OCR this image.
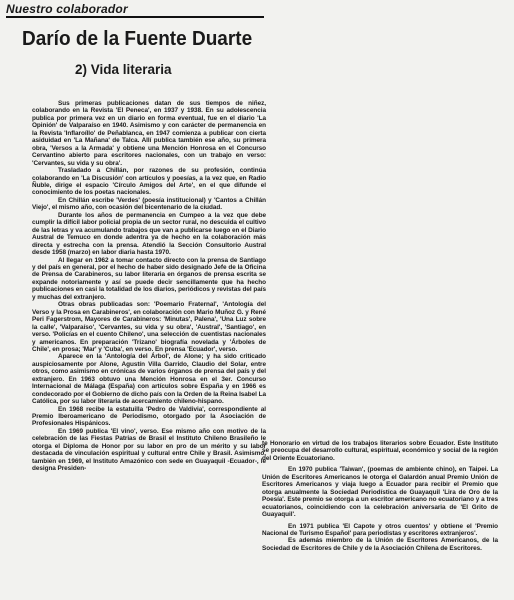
Nuestro colaborador
Darío de la Fuente Duarte
2) Vida literaria

Sus primeras publicaciones datan de sus tiempos de niñez, colaborando en la Revista 'El Peneca', en 1937 y 1938. En su adolescencia publica por primera vez en un diario en forma eventual, fue en el diario 'La Opinión' de Valparaíso en 1940. Asimismo y con carácter de permanencia en la Revista 'Inflaroíllo' de Peñablanca, en 1947 comienza a publicar con cierta asiduidad en 'La Mañana' de Talca. Allí publica también ese año, su primera obra, 'Versos a la Armada' y obtiene una Mención Honrosa en el Concurso Cervantino abierto para escritores nacionales, con un trabajo en verso: 'Cervantes, su vida y su obra'.

Trasladado a Chillán, por razones de su profesión, continúa colaborando en 'La Discusión' con artículos y poesías, a la vez que, en Radio Ñuble, dirige el espacio 'Círculo Amigos del Arte', en el que difunde el conocimiento de los poetas nacionales.

En Chillán escribe 'Verdes' (poesía institucional) y 'Cantos a Chillán Viejo', el mismo año, con ocasión del bicentenario de la ciudad.

Durante los años de permanencia en Cumpeo a la vez que debe cumplir la difícil labor policial propia de un sector rural, no descuida el cultivo de las letras y va acumulando trabajos que van a publicarse luego en el Diario Austral de Temuco en donde adentra ya de hecho en la colaboración más directa y estrecha con la prensa. Atendió la Sección Consultorio Austral desde 1958 (marzo) en labor diaria hasta 1970.

Al llegar en 1962 a tomar contacto directo con la prensa de Santiago y del país en general, por el hecho de haber sido designado Jefe de la Oficina de Prensa de Carabineros, su labor literaria en órganos de prensa escrita se expande notoriamente y así se puede decir sencillamente que ha hecho publicaciones en casi la totalidad de los diarios, periódicos y revistas del país y muchas del extranjero.

Otras obras publicadas son: 'Poemario Fraternal', 'Antología del Verso y la Prosa en Carabineros', en colaboración con Mario Muñoz G. y René Peri Fagerstrom, Mayores de Carabineros: 'Minutas', Palena', 'Una Luz sobre la calle', 'Valparaíso', 'Cervantes, su vida y su obra', 'Austral', 'Santiago', en verso. 'Policías en el cuento Chileno', una selección de cuentistas nacionales y americanos. En preparación 'Trizano' biografía novelada y 'Árboles de Chile', en prosa; 'Mar' y 'Cuba', en verso. En prensa 'Ecuador', verso.

Aparece en la 'Antología del Árbol', de Alone; y ha sido criticado auspiciosamente por Alone, Agustín Villa Garrido, Claudio del Solar, entre otros, como asimismo en crónicas de varios órganos de prensa del país y del extranjero. En 1963 obtuvo una Mención Honrosa en el 3er. Concurso Internacional de Málaga (España) con artículos sobre España y en 1966 es condecorado por el Gobierno de dicho país con la Orden de la Reina Isabel La Católica, por su labor literaria de acercamiento chileno-hispano.

En 1968 recibe la estatuilla 'Pedro de Valdivia', correspondiente al Premio Iberoamericano de Periodismo, otorgado por la Asociación de Profesionales Hispánicos.

En 1969 publica 'El vino', verso. Ese mismo año con motivo de la celebración de las Fiestas Patrias de Brasil el Instituto Chileno Brasileño le otorga el Diploma de Honor por su labor en pro de un mérito y su labor destacada de vinculación espiritual y cultural entre Chile y Brasil. Asimismo, también en 1969, el Instituto Amazónico con sede en Guayaquil -Ecuador-, le designa Presiden-

te Honorario en virtud de los trabajos literarios sobre Ecuador. Este Instituto se preocupa del desarrollo cultural, espiritual, económico y social de la región del Oriente Ecuatoriano.

En 1970 publica 'Taiwan', (poemas de ambiente chino), en Taipei. La Unión de Escritores Americanos le otorga el Galardón anual Premio Unión de Escritores Americanos y viaja luego a Ecuador para recibir el Premio que otorga anualmente la Sociedad Periodística de Guayaquil 'Lira de Oro de la Poesía'. Este premio se otorga a un escritor americano no ecuatoriano y a tres ecuatorianos, coincidiendo con la celebración aniversaria de 'El Grito de Guayaquil'.

En 1971 publica 'El Capote y otros cuentos' y obtiene el 'Premio Nacional de Turismo Español' para periodistas y escritores extranjeros'.

Es además miembro de la Unión de Escritores Americanos, de la Sociedad de Escritores de Chile y de la Asociación Chilena de Escritores.
